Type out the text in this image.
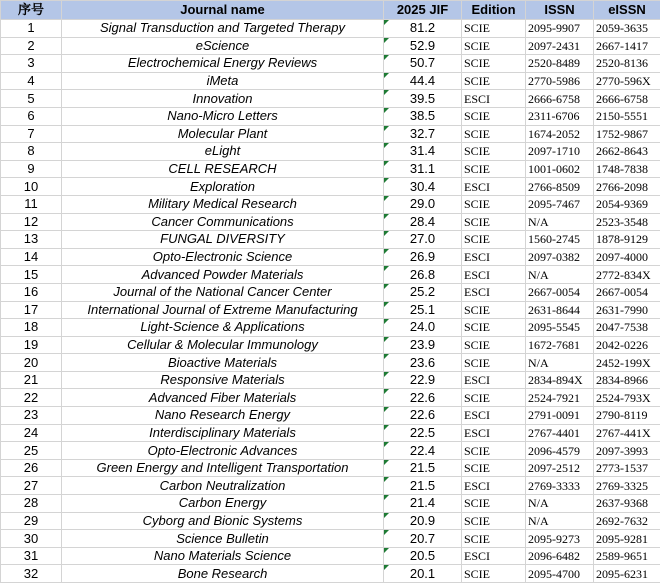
序号	Journal name	2025 JIF	Edition	ISSN	eISSN
1	Signal Transduction and Targeted Therapy	81.2	SCIE	2095-9907	2059-3635
2	eScience	52.9	SCIE	2097-2431	2667-1417
3	Electrochemical Energy Reviews	50.7	SCIE	2520-8489	2520-8136
4	iMeta	44.4	SCIE	2770-5986	2770-596X
5	Innovation	39.5	ESCI	2666-6758	2666-6758
6	Nano-Micro Letters	38.5	SCIE	2311-6706	2150-5551
7	Molecular Plant	32.7	SCIE	1674-2052	1752-9867
8	eLight	31.4	SCIE	2097-1710	2662-8643
9	CELL RESEARCH	31.1	SCIE	1001-0602	1748-7838
10	Exploration	30.4	ESCI	2766-8509	2766-2098
11	Military Medical Research	29.0	SCIE	2095-7467	2054-9369
12	Cancer Communications	28.4	SCIE	N/A	2523-3548
13	FUNGAL DIVERSITY	27.0	SCIE	1560-2745	1878-9129
14	Opto-Electronic Science	26.9	ESCI	2097-0382	2097-4000
15	Advanced Powder Materials	26.8	ESCI	N/A	2772-834X
16	Journal of the National Cancer Center	25.2	ESCI	2667-0054	2667-0054
17	International Journal of Extreme Manufacturing	25.1	SCIE	2631-8644	2631-7990
18	Light-Science & Applications	24.0	SCIE	2095-5545	2047-7538
19	Cellular & Molecular Immunology	23.9	SCIE	1672-7681	2042-0226
20	Bioactive Materials	23.6	SCIE	N/A	2452-199X
21	Responsive Materials	22.9	ESCI	2834-894X	2834-8966
22	Advanced Fiber Materials	22.6	SCIE	2524-7921	2524-793X
23	Nano Research Energy	22.6	ESCI	2791-0091	2790-8119
24	Interdisciplinary Materials	22.5	ESCI	2767-4401	2767-441X
25	Opto-Electronic Advances	22.4	SCIE	2096-4579	2097-3993
26	Green Energy and Intelligent Transportation	21.5	SCIE	2097-2512	2773-1537
27	Carbon Neutralization	21.5	ESCI	2769-3333	2769-3325
28	Carbon Energy	21.4	SCIE	N/A	2637-9368
29	Cyborg and Bionic Systems	20.9	SCIE	N/A	2692-7632
30	Science Bulletin	20.7	SCIE	2095-9273	2095-9281
31	Nano Materials Science	20.5	ESCI	2096-6482	2589-9651
32	Bone Research	20.1	SCIE	2095-4700	2095-6231
